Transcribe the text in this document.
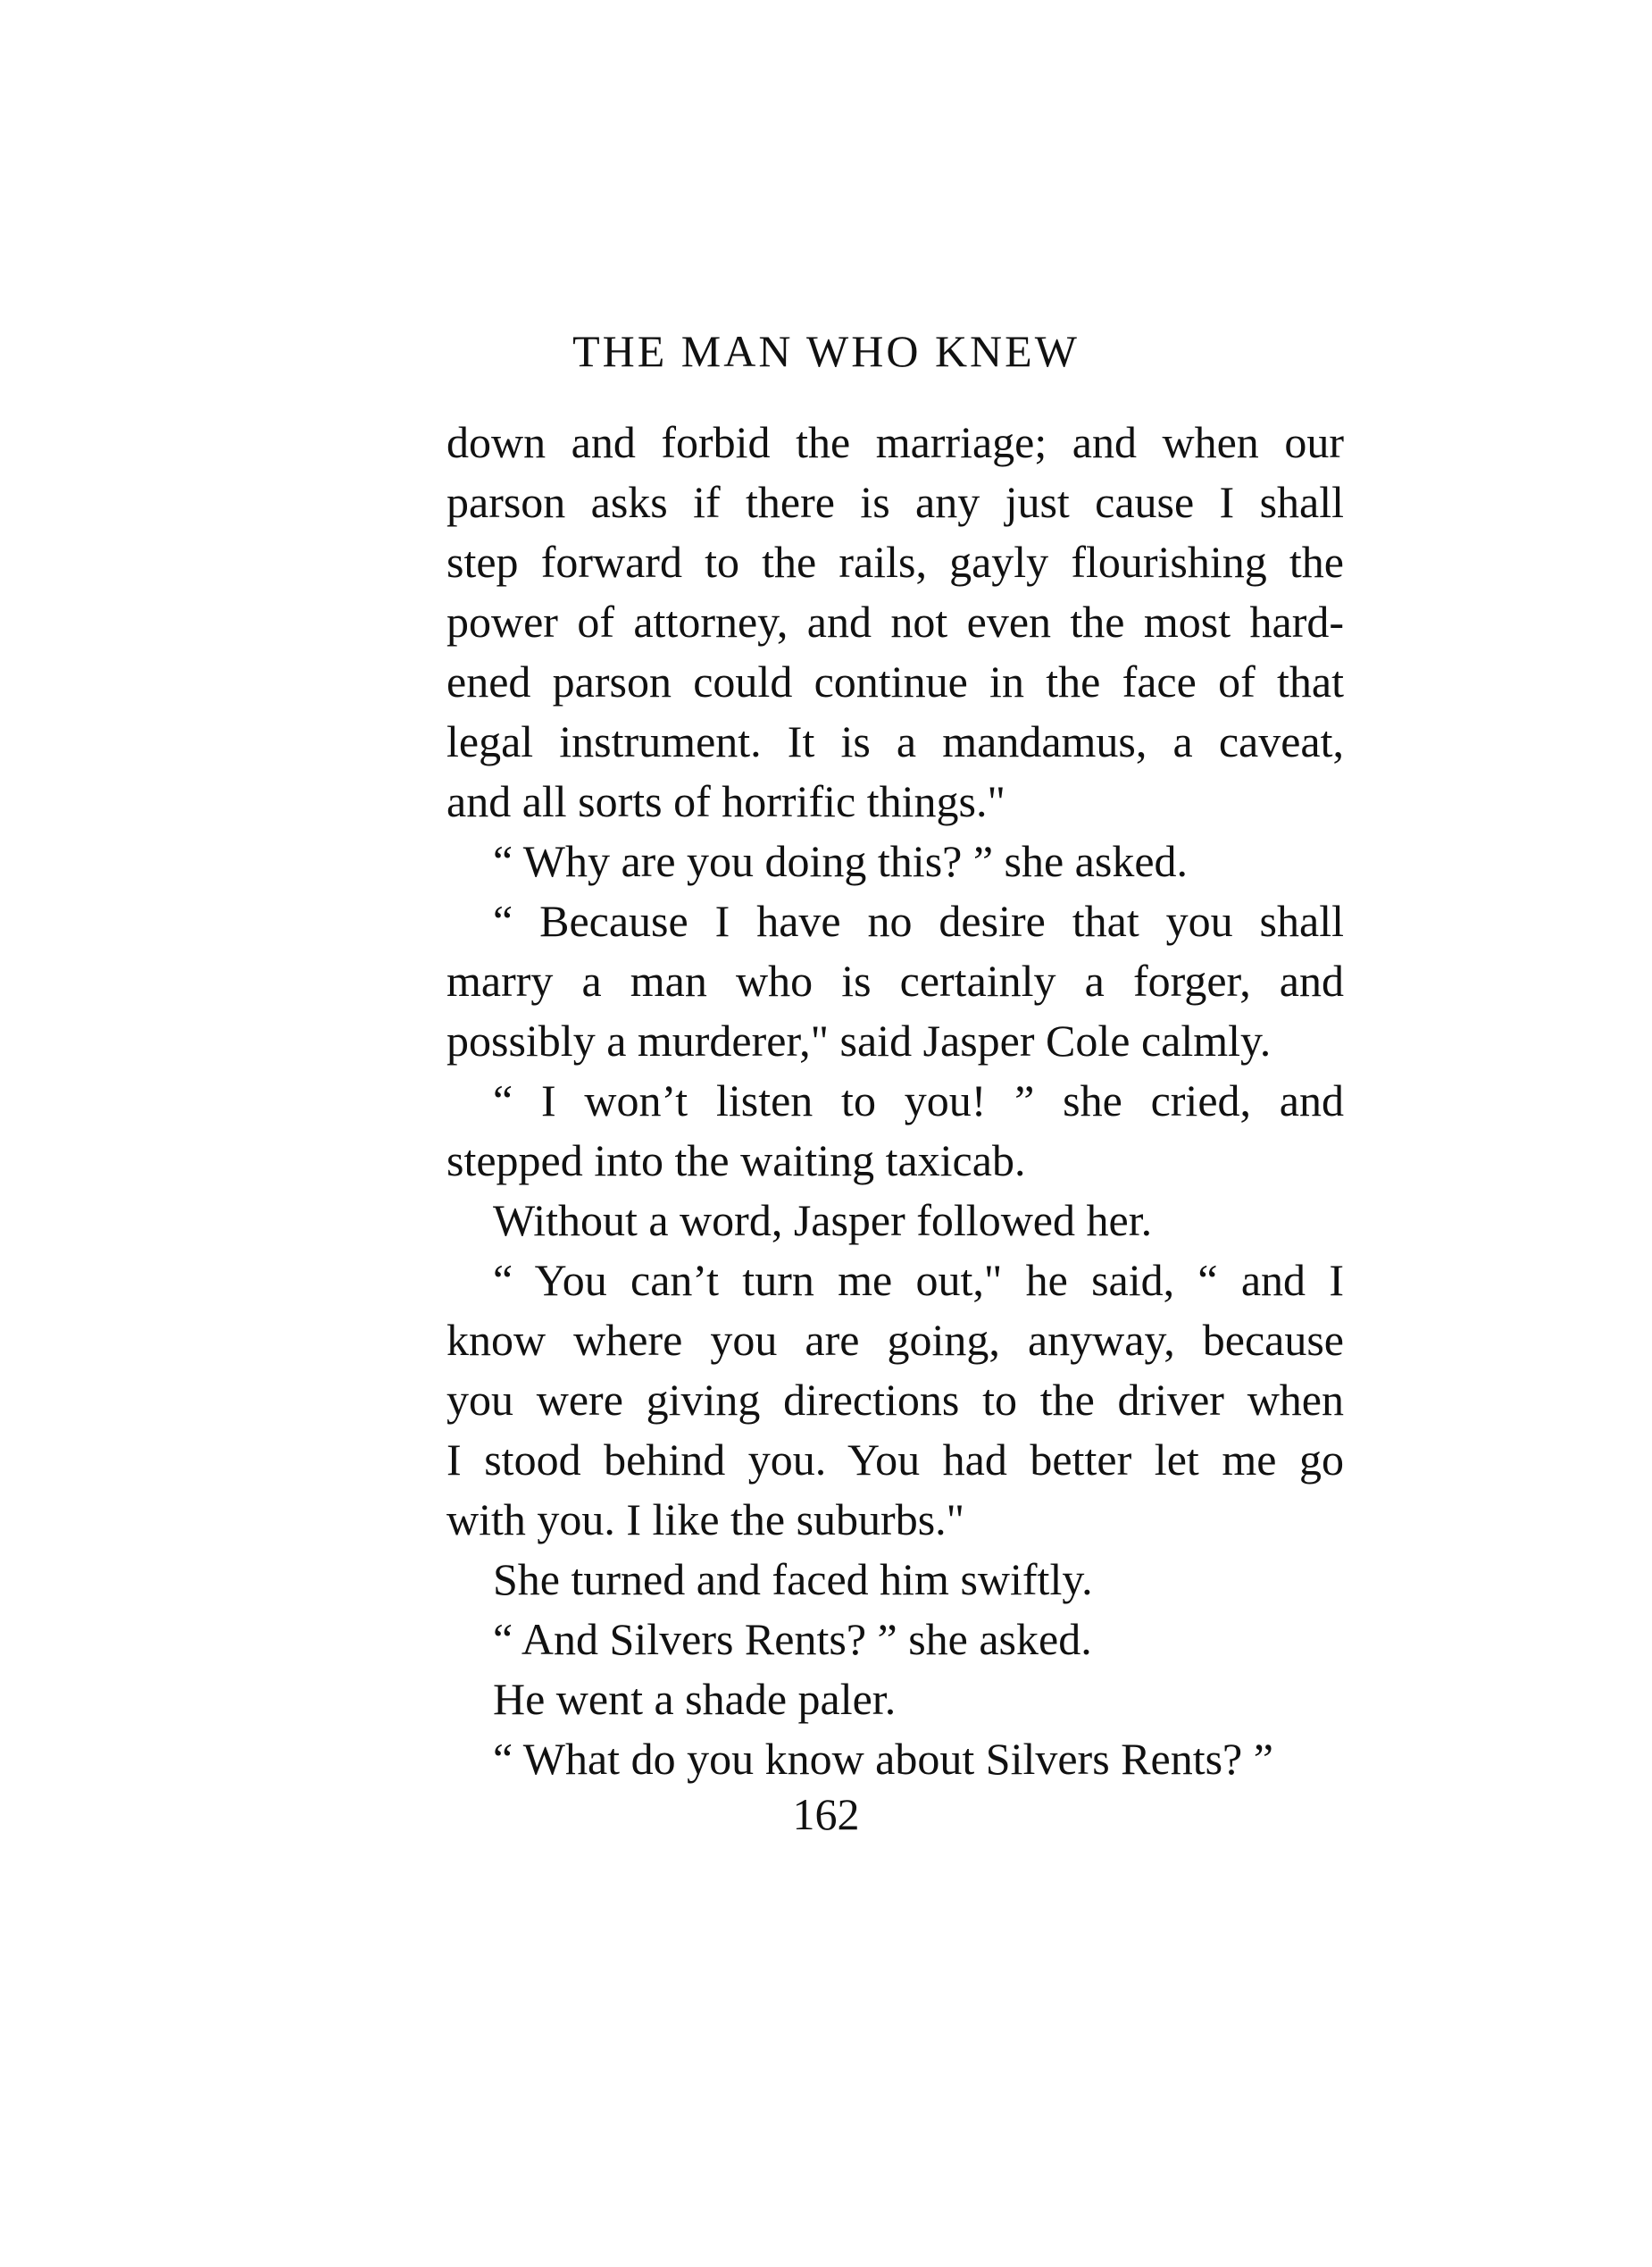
THE MAN WHO KNEW
down and forbid the marriage; and when our
parson asks if there is any just cause I shall
step forward to the rails, gayly flourishing the
power of attorney, and not even the most hard-
ened parson could continue in the face of that
legal instrument. It is a mandamus, a caveat,
and all sorts of horrific things."
“ Why are you doing this? ” she asked.
“ Because I have no desire that you shall
marry a man who is certainly a forger, and
possibly a murderer," said Jasper Cole calmly.
“ I won’t listen to you! ” she cried, and
stepped into the waiting taxicab.
Without a word, Jasper followed her.
“ You can’t turn me out," he said, “ and I
know where you are going, anyway, because
you were giving directions to the driver when
I stood behind you. You had better let me go
with you. I like the suburbs."
She turned and faced him swiftly.
“ And Silvers Rents? ” she asked.
He went a shade paler.
“ What do you know about Silvers Rents? ”
162
